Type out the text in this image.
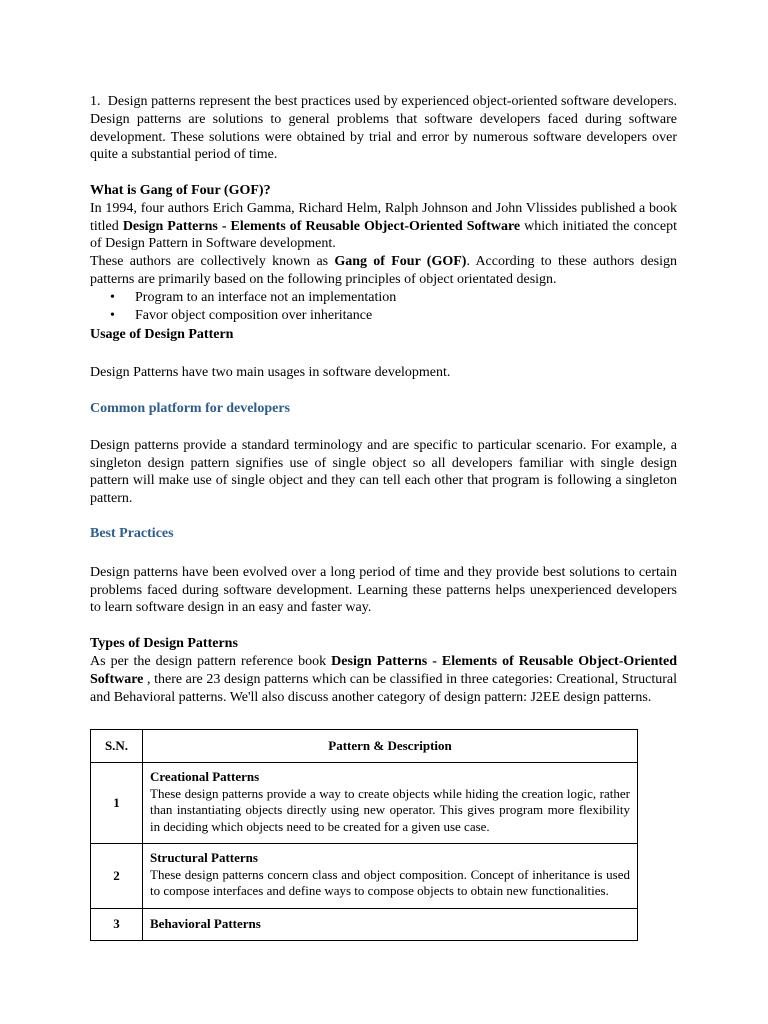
1.  Design patterns represent the best practices used by experienced object-oriented software developers. Design patterns are solutions to general problems that software developers faced during software development. These solutions were obtained by trial and error by numerous software developers over quite a substantial period of time.

What is Gang of Four (GOF)?

In 1994, four authors Erich Gamma, Richard Helm, Ralph Johnson and John Vlissides published a book titled Design Patterns - Elements of Reusable Object-Oriented Software which initiated the concept of Design Pattern in Software development.

These authors are collectively known as Gang of Four (GOF). According to these authors design patterns are primarily based on the following principles of object orientated design.

• Program to an interface not an implementation
• Favor object composition over inheritance

Usage of Design Pattern

Design Patterns have two main usages in software development.

Common platform for developers

Design patterns provide a standard terminology and are specific to particular scenario. For example, a singleton design pattern signifies use of single object so all developers familiar with single design pattern will make use of single object and they can tell each other that program is following a singleton pattern.

Best Practices

Design patterns have been evolved over a long period of time and they provide best solutions to certain problems faced during software development. Learning these patterns helps unexperienced developers to learn software design in an easy and faster way.

Types of Design Patterns

As per the design pattern reference book Design Patterns - Elements of Reusable Object-Oriented Software , there are 23 design patterns which can be classified in three categories: Creational, Structural and Behavioral patterns. We'll also discuss another category of design pattern: J2EE design patterns.

S.N.	Pattern & Description
1	Creational Patterns
These design patterns provide a way to create objects while hiding the creation logic, rather than instantiating objects directly using new operator. This gives program more flexibility in deciding which objects need to be created for a given use case.

2	Structural Patterns
These design patterns concern class and object composition. Concept of inheritance is used to compose interfaces and define ways to compose objects to obtain new functionalities.

3	Behavioral Patterns
